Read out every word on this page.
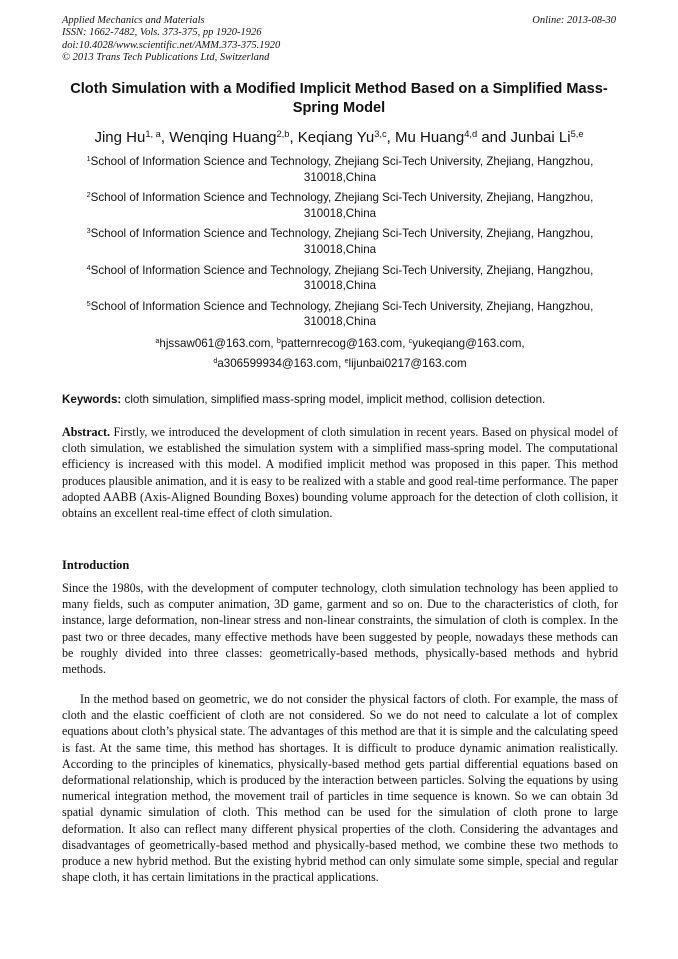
Applied Mechanics and Materials
ISSN: 1662-7482, Vols. 373-375, pp 1920-1926
doi:10.4028/www.scientific.net/AMM.373-375.1920
© 2013 Trans Tech Publications Ltd, Switzerland
Online: 2013-08-30
Cloth Simulation with a Modified Implicit Method Based on a Simplified Mass-Spring Model
Jing Hu$^{1, a}$, Wenqing Huang$^{2,b}$, Keqiang Yu$^{3,c}$, Mu Huang$^{4,d}$ and Junbai Li$^{5,e}$
$^1$School of Information Science and Technology, Zhejiang Sci-Tech University, Zhejiang, Hangzhou, 310018,China
$^2$School of Information Science and Technology, Zhejiang Sci-Tech University, Zhejiang, Hangzhou, 310018,China
$^3$School of Information Science and Technology, Zhejiang Sci-Tech University, Zhejiang, Hangzhou, 310018,China
$^4$School of Information Science and Technology, Zhejiang Sci-Tech University, Zhejiang, Hangzhou, 310018,China
$^5$School of Information Science and Technology, Zhejiang Sci-Tech University, Zhejiang, Hangzhou, 310018,China
$^a$hjssaw061@163.com, $^b$patternrecog@163.com, $^c$yukeqiang@163.com,
$^d$a306599934@163.com, $^e$lijunbai0217@163.com
Keywords: cloth simulation, simplified mass-spring model, implicit method, collision detection.
Abstract. Firstly, we introduced the development of cloth simulation in recent years. Based on physical model of cloth simulation, we established the simulation system with a simplified mass-spring model. The computational efficiency is increased with this model. A modified implicit method was proposed in this paper. This method produces plausible animation, and it is easy to be realized with a stable and good real-time performance. The paper adopted AABB (Axis-Aligned Bounding Boxes) bounding volume approach for the detection of cloth collision, it obtains an excellent real-time effect of cloth simulation.
Introduction
Since the 1980s, with the development of computer technology, cloth simulation technology has been applied to many fields, such as computer animation, 3D game, garment and so on. Due to the characteristics of cloth, for instance, large deformation, non-linear stress and non-linear constraints, the simulation of cloth is complex. In the past two or three decades, many effective methods have been suggested by people, nowadays these methods can be roughly divided into three classes: geometrically-based methods, physically-based methods and hybrid methods.
In the method based on geometric, we do not consider the physical factors of cloth. For example, the mass of cloth and the elastic coefficient of cloth are not considered. So we do not need to calculate a lot of complex equations about cloth’s physical state. The advantages of this method are that it is simple and the calculating speed is fast. At the same time, this method has shortages. It is difficult to produce dynamic animation realistically. According to the principles of kinematics, physically-based method gets partial differential equations based on deformational relationship, which is produced by the interaction between particles. Solving the equations by using numerical integration method, the movement trail of particles in time sequence is known. So we can obtain 3d spatial dynamic simulation of cloth. This method can be used for the simulation of cloth prone to large deformation. It also can reflect many different physical properties of the cloth. Considering the advantages and disadvantages of geometrically-based method and physically-based method, we combine these two methods to produce a new hybrid method. But the existing hybrid method can only simulate some simple, special and regular shape cloth, it has certain limitations in the practical applications.
